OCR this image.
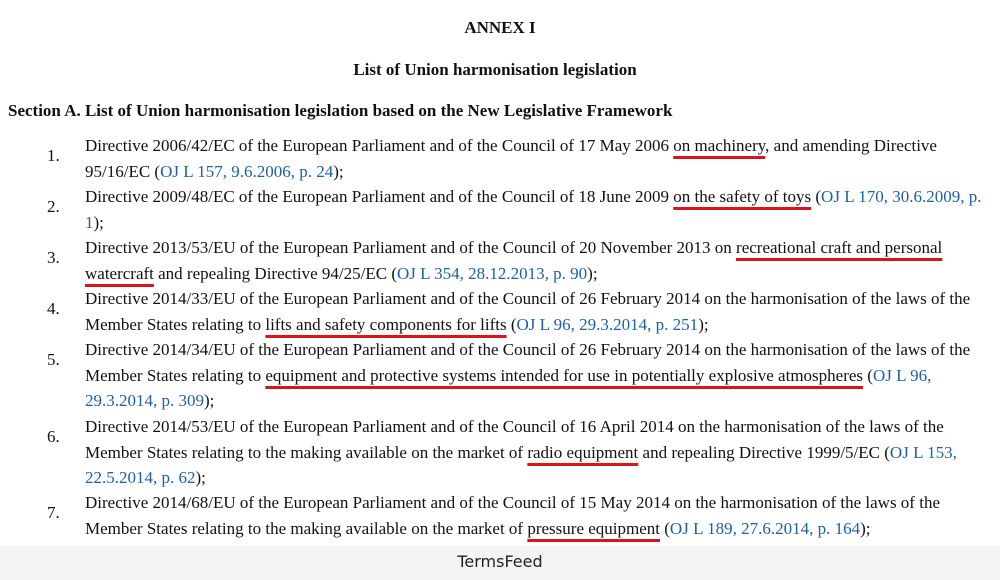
ANNEX I
List of Union harmonisation legislation
Section A. List of Union harmonisation legislation based on the New Legislative Framework
1.
Directive 2006/42/EC of the European Parliament and of the Council of 17 May 2006 on machinery, and amending Directive 95/16/EC (OJ L 157, 9.6.2006, p. 24);
2.
Directive 2009/48/EC of the European Parliament and of the Council of 18 June 2009 on the safety of toys (OJ L 170, 30.6.2009, p. 1);
3.
Directive 2013/53/EU of the European Parliament and of the Council of 20 November 2013 on recreational craft and personal watercraft and repealing Directive 94/25/EC (OJ L 354, 28.12.2013, p. 90);
4.
Directive 2014/33/EU of the European Parliament and of the Council of 26 February 2014 on the harmonisation of the laws of the Member States relating to lifts and safety components for lifts (OJ L 96, 29.3.2014, p. 251);
5.
Directive 2014/34/EU of the European Parliament and of the Council of 26 February 2014 on the harmonisation of the laws of the Member States relating to equipment and protective systems intended for use in potentially explosive atmospheres (OJ L 96, 29.3.2014, p. 309);
6.
Directive 2014/53/EU of the European Parliament and of the Council of 16 April 2014 on the harmonisation of the laws of the Member States relating to the making available on the market of radio equipment and repealing Directive 1999/5/EC (OJ L 153, 22.5.2014, p. 62);
7.
Directive 2014/68/EU of the European Parliament and of the Council of 15 May 2014 on the harmonisation of the laws of the Member States relating to the making available on the market of pressure equipment (OJ L 189, 27.6.2014, p. 164);
TermsFeed
